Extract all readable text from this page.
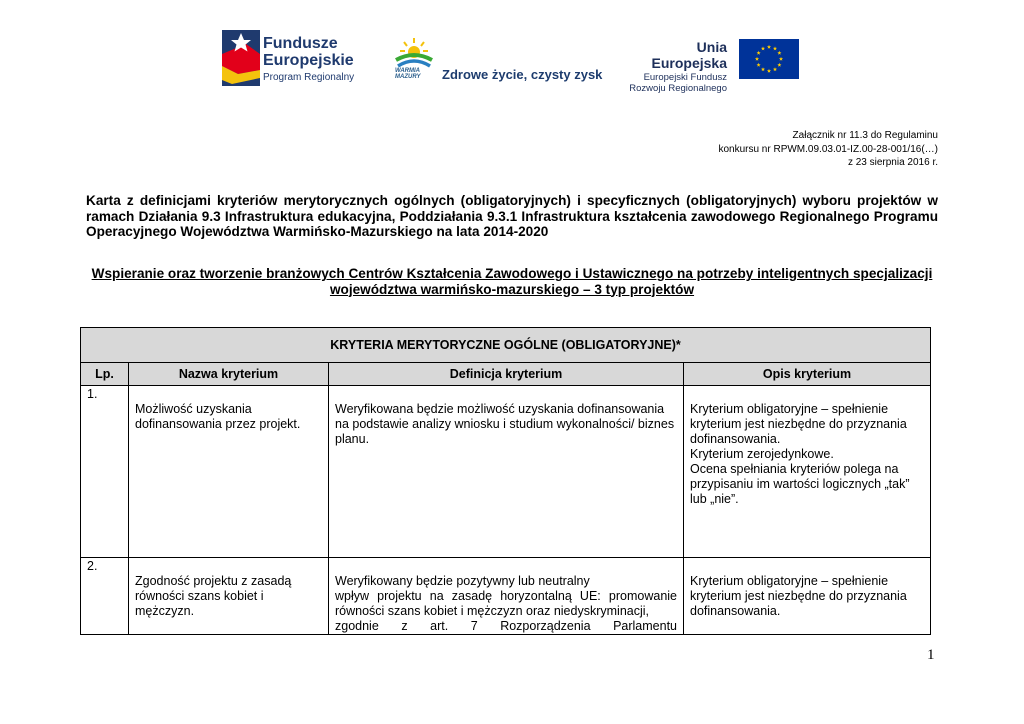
Fundusze
Europejskie
Program Regionalny
WARMIA MAZURY	Zdrowe życie, czysty zysk
Unia Europejska
Europejski Fundusz
Rozwoju Regionalnego
Załącznik nr 11.3 do Regulaminu
konkursu nr RPWM.09.03.01-IZ.00-28-001/16(…)
z 23 sierpnia 2016 r.

Karta z definicjami kryteriów merytorycznych ogólnych (obligatoryjnych) i specyficznych (obligatoryjnych) wyboru projektów w ramach Działania 9.3 Infrastruktura edukacyjna, Poddziałania 9.3.1 Infrastruktura kształcenia zawodowego Regionalnego Programu Operacyjnego Województwa Warmińsko-Mazurskiego na lata 2014-2020

Wspieranie oraz tworzenie branżowych Centrów Kształcenia Zawodowego i Ustawicznego na potrzeby inteligentnych specjalizacji województwa warmińsko-mazurskiego – 3 typ projektów

KRYTERIA MERYTORYCZNE OGÓLNE (OBLIGATORYJNE)*			
Lp.	Nazwa kryterium	Definicja kryterium	Opis kryterium
1.	Możliwość uzyskania dofinansowania przez projekt.	Weryfikowana będzie możliwość uzyskania dofinansowania na podstawie analizy wniosku i studium wykonalności/ biznes planu.	Kryterium obligatoryjne – spełnienie kryterium jest niezbędne do przyznania dofinansowania.

Kryterium zerojedynkowe.

Ocena spełniania kryteriów polega na przypisaniu im wartości logicznych „tak” lub „nie”.

2.	Zgodność projektu z zasadą równości szans kobiet i mężczyzn.	Weryfikowany będzie pozytywny lub neutralny

wpływ projektu na zasadę horyzontalną UE: promowanie równości szans kobiet i mężczyzn oraz niedyskryminacji,

zgodnie z art. 7 Rozporządzenia Parlamentu	Kryterium obligatoryjne – spełnienie kryterium jest niezbędne do przyznania dofinansowania.

1
